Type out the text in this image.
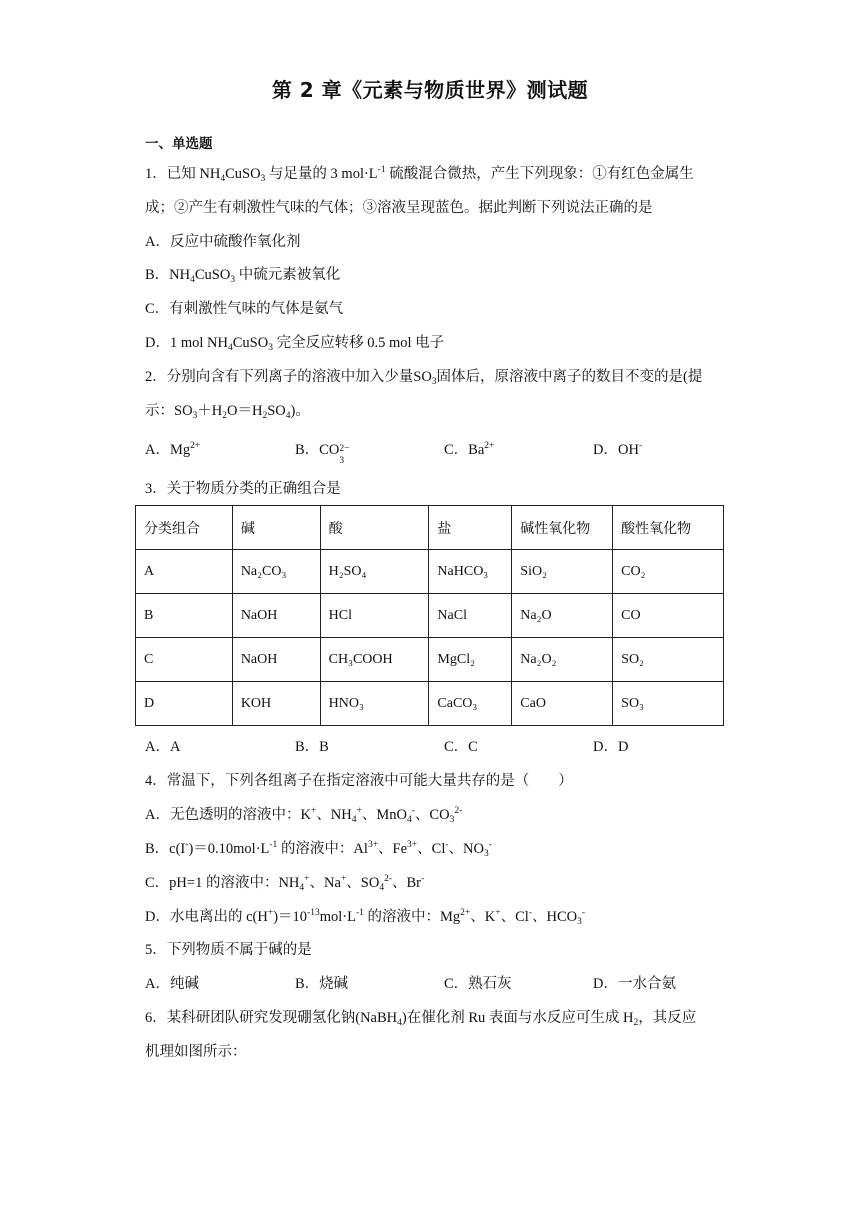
第 2 章《元素与物质世界》测试题
一、单选题
1．已知 $NH_4CuSO_3$ 与足量的 3 $mol\cdot L^{-1}$ 硫酸混合微热，产生下列现象：①有红色金属生
成；②产生有刺激性气味的气体；③溶液呈现蓝色。据此判断下列说法正确的是
A．反应中硫酸作氧化剂
B．$NH_4CuSO_3$ 中硫元素被氧化
C．有刺激性气味的气体是氨气
D．1 mol $NH_4CuSO_3$ 完全反应转移 0.5 mol 电子
2．分别向含有下列离子的溶液中加入少量$SO_3$固体后，原溶液中离子的数目不变的是(提
示：$SO_3+H_2O=H_2SO_4$)。
A．$Mg^{2+}$	B．CO 2−
3
C．$Ba^{2+}$	D．OH-
3．关于物质分类的正确组合是
分类组合	碱	酸	盐	碱性氧化物	酸性氧化物
A	Na₂CO₃	H₂SO₄	NaHCO₃	SiO₂	CO₂
B	NaOH	HCl	NaCl	Na₂O	CO
C	NaOH	CH₃COOH	MgCl₂	Na₂O₂	SO₂
D	KOH	HNO₃	CaCO₃	CaO	SO₃
A．A	B．B	C．C	D．D
4．常温下，下列各组离子在指定溶液中可能大量共存的是（　　）
A．无色透明的溶液中：K+、$NH_4^+$、MnO$_4$-、$CO_3^{2-}$
B．$c(I^-)=0.10mol\cdot L^{-1}$ 的溶液中：$Al^{3+}$、$Fe^{3+}$、Cl-、$NO_3^-$
C．pH=1 的溶液中：$NH_4^+$、Na+、$SO_4^{2-}$、Br-
D．水电离出的 $c(H^+)=10^{-13}mol\cdot L^{-1}$ 的溶液中：$Mg^{2+}$、K+、Cl-、$HCO_3^-$
5．下列物质不属于碱的是
A．纯碱	B．烧碱	C．熟石灰	D．一水合氨
6．某科研团队研究发现硼氢化钠(NaBH$_4$)在催化剂 Ru 表面与水反应可生成 $H_2$，其反应
机理如图所示：
